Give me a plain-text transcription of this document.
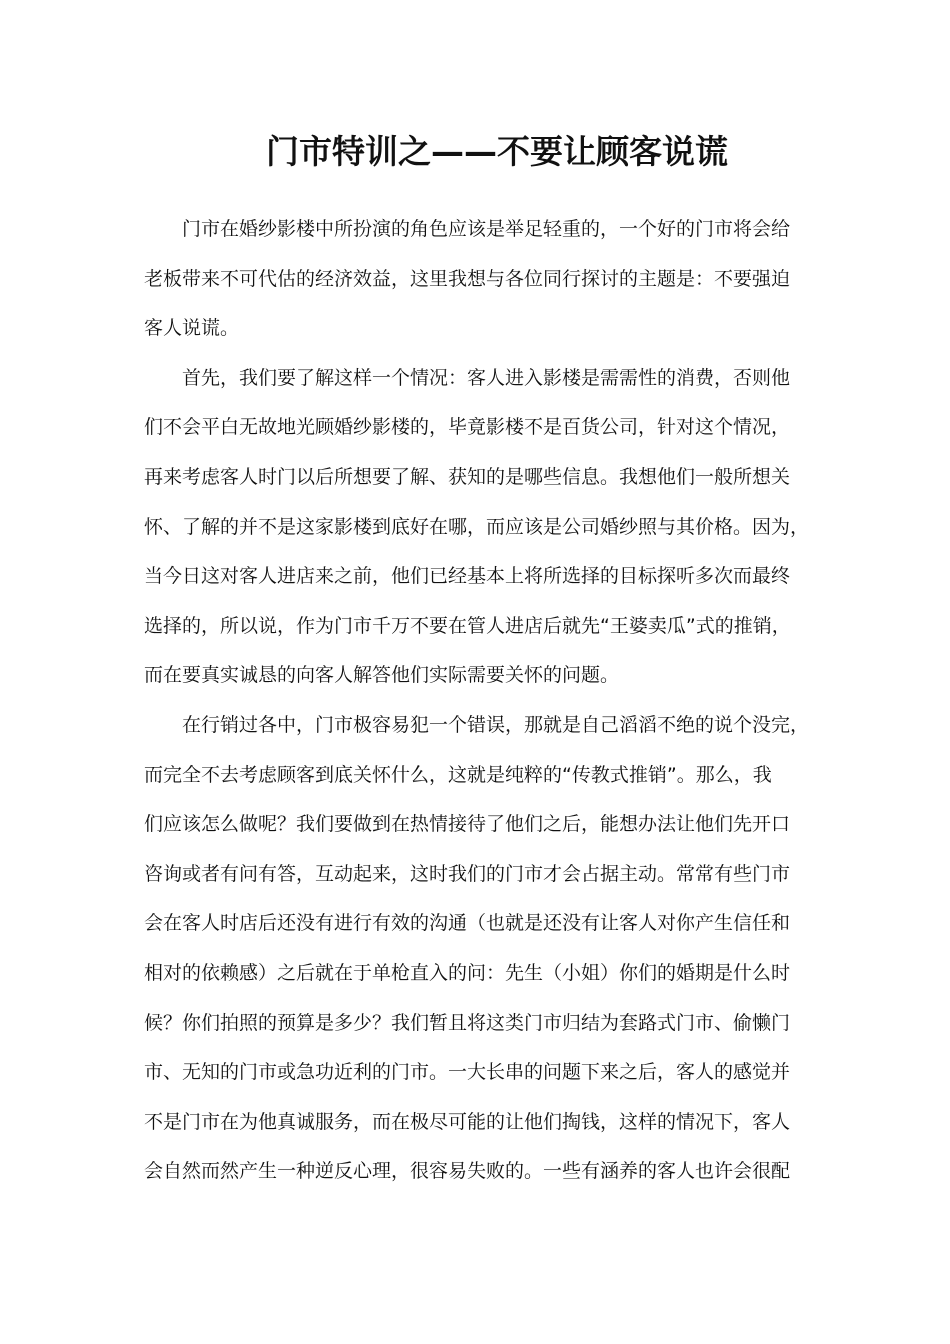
门市特训之——不要让顾客说谎

门市在婚纱影楼中所扮演的角色应该是举足轻重的，一个好的门市将会给
老板带来不可代估的经济效益，这里我想与各位同行探讨的主题是：不要强迫
客人说谎。

首先，我们要了解这样一个情况：客人进入影楼是需需性的消费，否则他
们不会平白无故地光顾婚纱影楼的，毕竟影楼不是百货公司，针对这个情况，
再来考虑客人时门以后所想要了解、获知的是哪些信息。我想他们一般所想关
怀、了解的并不是这家影楼到底好在哪，而应该是公司婚纱照与其价格。因为，
当今日这对客人进店来之前，他们已经基本上将所选择的目标探听多次而最终
选择的，所以说，作为门市千万不要在管人进店后就先“王婆卖瓜”式的推销，
而在要真实诚恳的向客人解答他们实际需要关怀的问题。

在行销过各中，门市极容易犯一个错误，那就是自己滔滔不绝的说个没完，
而完全不去考虑顾客到底关怀什么，这就是纯粹的“传教式推销”。那么，我
们应该怎么做呢？我们要做到在热情接待了他们之后，能想办法让他们先开口
咨询或者有问有答，互动起来，这时我们的门市才会占据主动。常常有些门市
会在客人时店后还没有进行有效的沟通（也就是还没有让客人对你产生信任和
相对的依赖感）之后就在于单枪直入的问：先生（小姐）你们的婚期是什么时
候？你们拍照的预算是多少？我们暂且将这类门市归结为套路式门市、偷懒门
市、无知的门市或急功近利的门市。一大长串的问题下来之后，客人的感觉并
不是门市在为他真诚服务，而在极尽可能的让他们掏钱，这样的情况下，客人
会自然而然产生一种逆反心理，很容易失败的。一些有涵养的客人也许会很配
